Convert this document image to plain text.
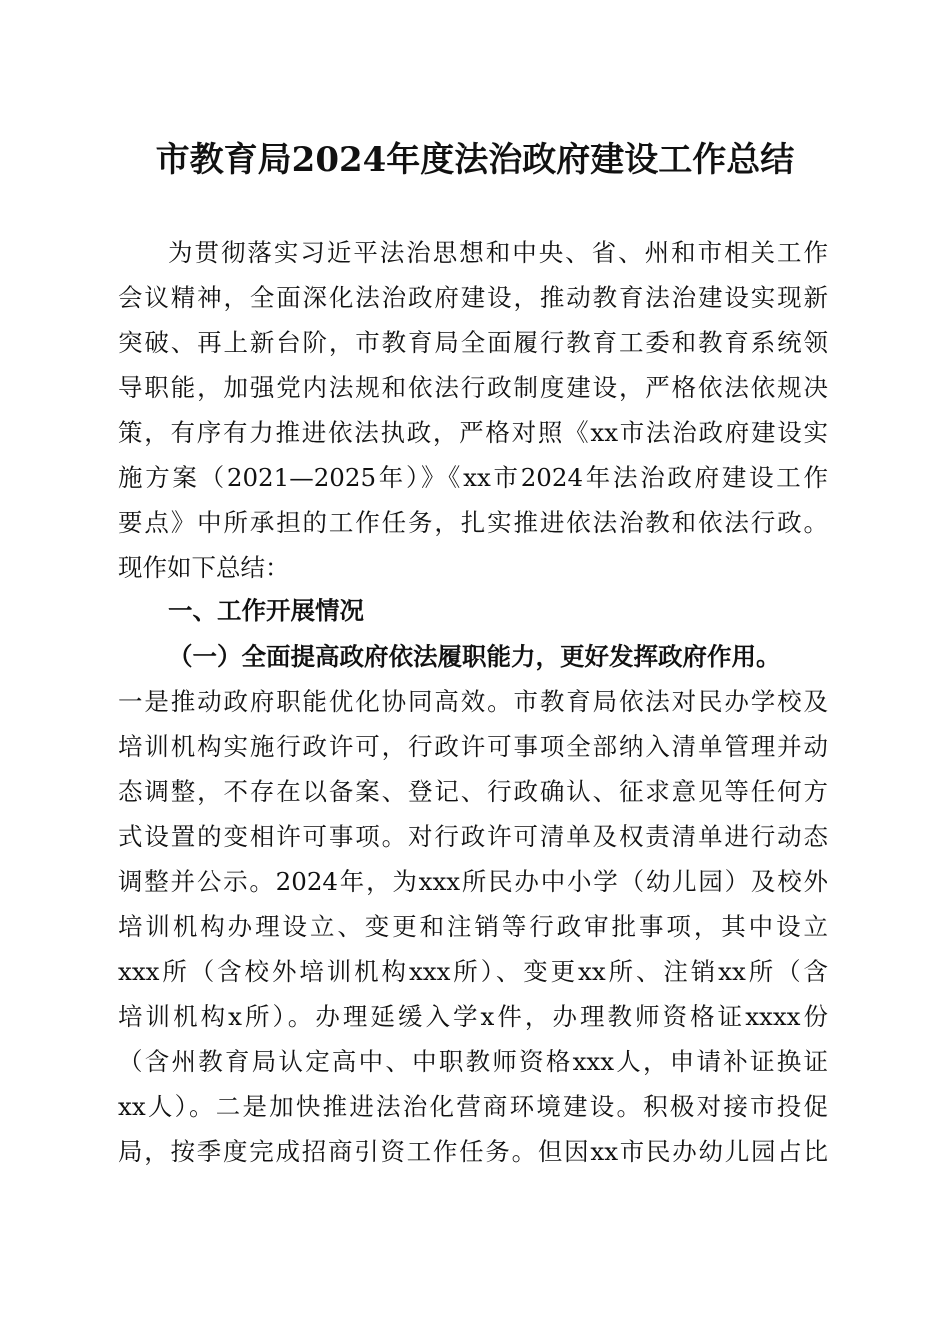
市教育局2024年度法治政府建设工作总结
为贯彻落实习近平法治思想和中央、省、州和市相关工作
会议精神，全面深化法治政府建设，推动教育法治建设实现新
突破、再上新台阶，市教育局全面履行教育工委和教育系统领
导职能，加强党内法规和依法行政制度建设，严格依法依规决
策，有序有力推进依法执政，严格对照《xx市法治政府建设实
施方案（2021—2025年）》《xx市2024年法治政府建设工作
要点》中所承担的工作任务，扎实推进依法治教和依法行政。
现作如下总结：
一、工作开展情况
（一）全面提高政府依法履职能力，更好发挥政府作用。
一是推动政府职能优化协同高效。市教育局依法对民办学校及
培训机构实施行政许可，行政许可事项全部纳入清单管理并动
态调整，不存在以备案、登记、行政确认、征求意见等任何方
式设置的变相许可事项。对行政许可清单及权责清单进行动态
调整并公示。2024年，为xxx所民办中小学（幼儿园）及校外
培训机构办理设立、变更和注销等行政审批事项，其中设立
xxx所（含校外培训机构xxx所）、变更xx所、注销xx所（含
培训机构x所）。办理延缓入学x件，办理教师资格证xxxx份
（含州教育局认定高中、中职教师资格xxx人，申请补证换证
xx人）。二是加快推进法治化营商环境建设。积极对接市投促
局，按季度完成招商引资工作任务。但因xx市民办幼儿园占比
